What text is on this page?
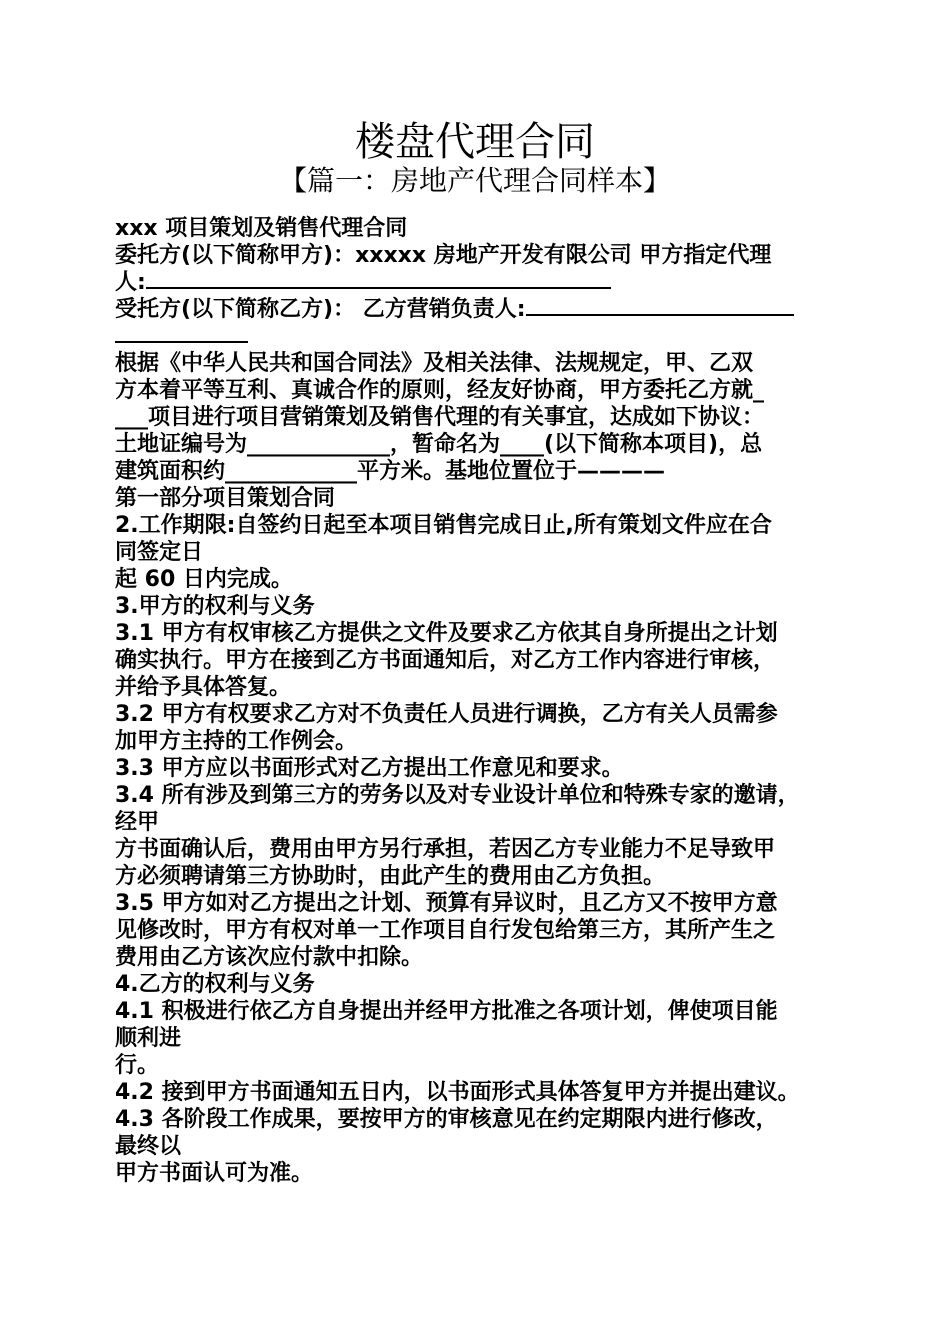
楼盘代理合同
【篇一：房地产代理合同样本】
xxx 项目策划及销售代理合同
委托方(以下简称甲方)：xxxxx 房地产开发有限公司 甲方指定代理
人:
受托方(以下简称乙方)： 乙方营销负责人:
根据《中华人民共和国合同法》及相关法律、法规规定，甲、乙双
方本着平等互利、真诚合作的原则，经友好协商，甲方委托乙方就_
___项目进行项目营销策划及销售代理的有关事宜，达成如下协议：
土地证编号为_____________，暂命名为____(以下简称本项目)，总
建筑面积约____________平方米。基地位置位于————
第一部分项目策划合同
2.工作期限:自签约日起至本项目销售完成日止,所有策划文件应在合
同签定日
起 60 日内完成。
3.甲方的权利与义务
3.1 甲方有权审核乙方提供之文件及要求乙方依其自身所提出之计划
确实执行。甲方在接到乙方书面通知后，对乙方工作内容进行审核，
并给予具体答复。
3.2 甲方有权要求乙方对不负责任人员进行调换，乙方有关人员需参
加甲方主持的工作例会。
3.3 甲方应以书面形式对乙方提出工作意见和要求。
3.4 所有涉及到第三方的劳务以及对专业设计单位和特殊专家的邀请，
经甲
方书面确认后，费用由甲方另行承担，若因乙方专业能力不足导致甲
方必须聘请第三方协助时，由此产生的费用由乙方负担。
3.5 甲方如对乙方提出之计划、预算有异议时，且乙方又不按甲方意
见修改时，甲方有权对单一工作项目自行发包给第三方，其所产生之
费用由乙方该次应付款中扣除。
4.乙方的权利与义务
4.1 积极进行依乙方自身提出并经甲方批准之各项计划，俾使项目能
顺利进
行。
4.2 接到甲方书面通知五日内，以书面形式具体答复甲方并提出建议。
4.3 各阶段工作成果，要按甲方的审核意见在约定期限内进行修改，
最终以
甲方书面认可为准。
